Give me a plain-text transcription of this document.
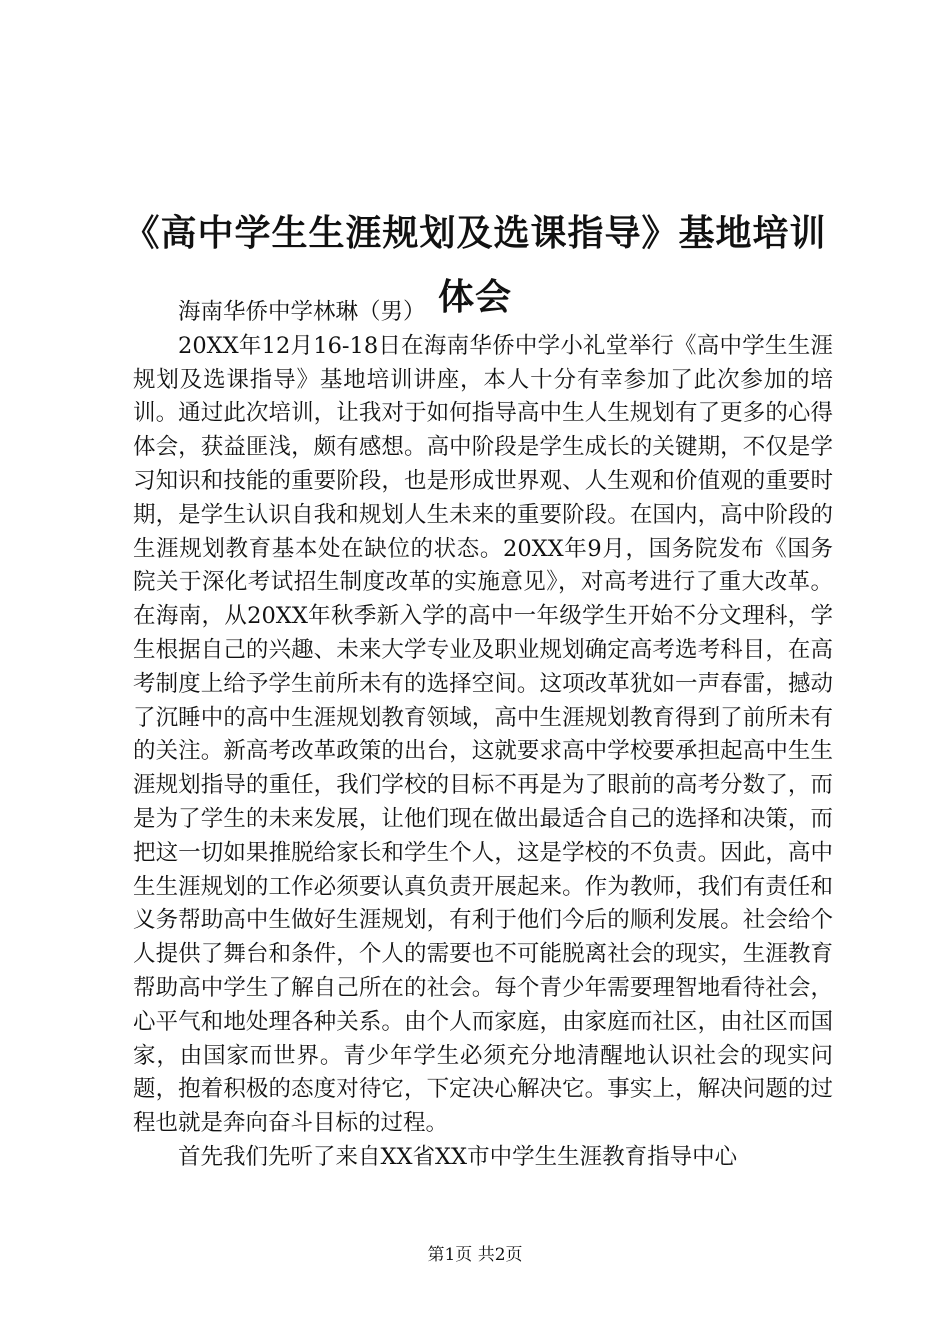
《高中学生生涯规划及选课指导》基地培训体会

海南华侨中学林琳（男）

20XX年12月16-18日在海南华侨中学小礼堂举行《高中学生生涯规划及选课指导》基地培训讲座，本人十分有幸参加了此次参加的培训。通过此次培训，让我对于如何指导高中生人生规划有了更多的心得体会，获益匪浅，颇有感想。高中阶段是学生成长的关键期，不仅是学习知识和技能的重要阶段，也是形成世界观、人生观和价值观的重要时期，是学生认识自我和规划人生未来的重要阶段。在国内，高中阶段的生涯规划教育基本处在缺位的状态。20XX年9月，国务院发布《国务院关于深化考试招生制度改革的实施意见》，对高考进行了重大改革。在海南，从20XX年秋季新入学的高中一年级学生开始不分文理科，学生根据自己的兴趣、未来大学专业及职业规划确定高考选考科目，在高考制度上给予学生前所未有的选择空间。这项改革犹如一声春雷，撼动了沉睡中的高中生涯规划教育领域，高中生涯规划教育得到了前所未有的关注。新高考改革政策的出台，这就要求高中学校要承担起高中生生涯规划指导的重任，我们学校的目标不再是为了眼前的高考分数了，而是为了学生的未来发展，让他们现在做出最适合自己的选择和决策，而把这一切如果推脱给家长和学生个人，这是学校的不负责。因此，高中生生涯规划的工作必须要认真负责开展起来。作为教师，我们有责任和义务帮助高中生做好生涯规划，有利于他们今后的顺利发展。社会给个人提供了舞台和条件，个人的需要也不可能脱离社会的现实，生涯教育帮助高中学生了解自己所在的社会。每个青少年需要理智地看待社会，心平气和地处理各种关系。由个人而家庭，由家庭而社区，由社区而国家，由国家而世界。青少年学生必须充分地清醒地认识社会的现实问题，抱着积极的态度对待它，下定决心解决它。事实上，解决问题的过程也就是奔向奋斗目标的过程。

首先我们先听了来自XX省XX市中学生生涯教育指导中心

第1页 共2页
